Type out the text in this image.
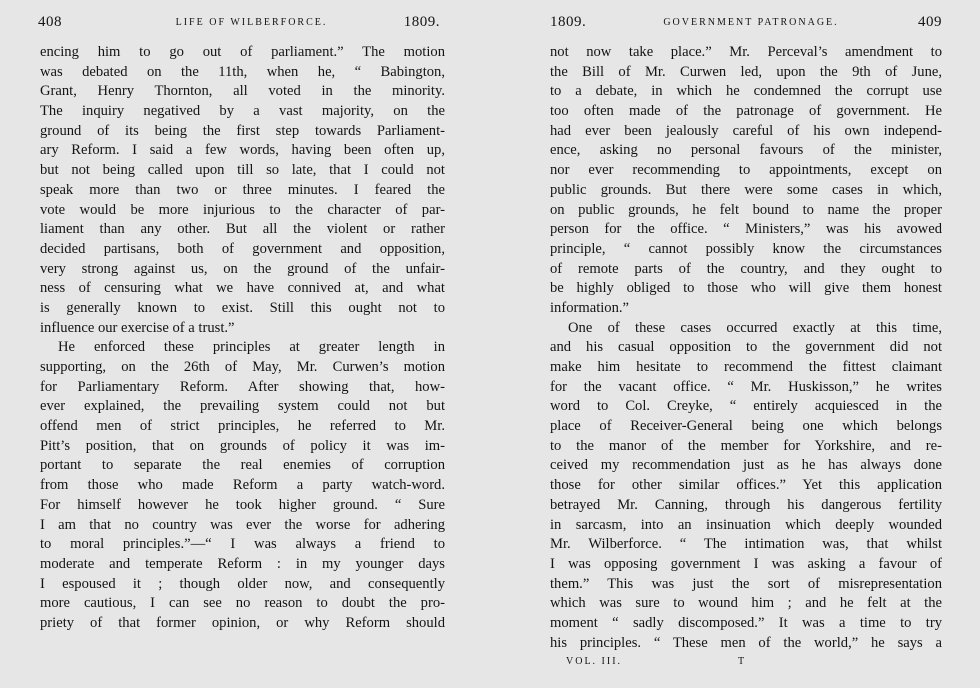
408	LIFE OF WILBERFORCE.	1809.
encing him to go out of parliament.” The motion
was debated on the 11th, when he, “ Babington,
Grant, Henry Thornton, all voted in the minority.
The inquiry negatived by a vast majority, on the
ground of its being the first step towards Parliament-
ary Reform. I said a few words, having been often up,
but not being called upon till so late, that I could not
speak more than two or three minutes. I feared the
vote would be more injurious to the character of par-
liament than any other. But all the violent or rather
decided partisans, both of government and opposition,
very strong against us, on the ground of the unfair-
ness of censuring what we have connived at, and what
is generally known to exist. Still this ought not to
influence our exercise of a trust.”
He enforced these principles at greater length in
supporting, on the 26th of May, Mr. Curwen’s motion
for Parliamentary Reform. After showing that, how-
ever explained, the prevailing system could not but
offend men of strict principles, he referred to Mr.
Pitt’s position, that on grounds of policy it was im-
portant to separate the real enemies of corruption
from those who made Reform a party watch-word.
For himself however he took higher ground. “ Sure
I am that no country was ever the worse for adhering
to moral principles.”—“ I was always a friend to
moderate and temperate Reform : in my younger days
I espoused it ; though older now, and consequently
more cautious, I can see no reason to doubt the pro-
priety of that former opinion, or why Reform should
1809.	GOVERNMENT PATRONAGE.	409
not now take place.” Mr. Perceval’s amendment to
the Bill of Mr. Curwen led, upon the 9th of June,
to a debate, in which he condemned the corrupt use
too often made of the patronage of government. He
had ever been jealously careful of his own independ-
ence, asking no personal favours of the minister,
nor ever recommending to appointments, except on
public grounds. But there were some cases in which,
on public grounds, he felt bound to name the proper
person for the office. “ Ministers,” was his avowed
principle, “ cannot possibly know the circumstances
of remote parts of the country, and they ought to
be highly obliged to those who will give them honest
information.”
One of these cases occurred exactly at this time,
and his casual opposition to the government did not
make him hesitate to recommend the fittest claimant
for the vacant office. “ Mr. Huskisson,” he writes
word to Col. Creyke, “ entirely acquiesced in the
place of Receiver-General being one which belongs
to the manor of the member for Yorkshire, and re-
ceived my recommendation just as he has always done
those for other similar offices.” Yet this application
betrayed Mr. Canning, through his dangerous fertility
in sarcasm, into an insinuation which deeply wounded
Mr. Wilberforce. “ The intimation was, that whilst
I was opposing government I was asking a favour of
them.” This was just the sort of misrepresentation
which was sure to wound him ; and he felt at the
moment “ sadly discomposed.” It was a time to try
his principles. “ These men of the world,” he says a
VOL. III.	T
